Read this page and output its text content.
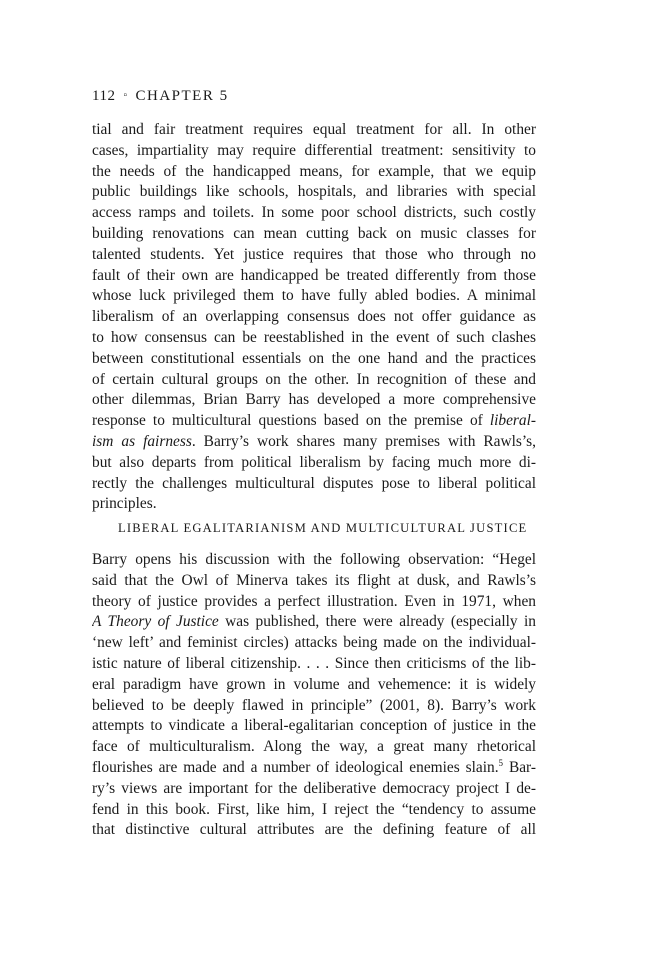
112 ▫ CHAPTER 5
tial and fair treatment requires equal treatment for all. In other
cases, impartiality may require differential treatment: sensitivity to
the needs of the handicapped means, for example, that we equip
public buildings like schools, hospitals, and libraries with special
access ramps and toilets. In some poor school districts, such costly
building renovations can mean cutting back on music classes for
talented students. Yet justice requires that those who through no
fault of their own are handicapped be treated differently from those
whose luck privileged them to have fully abled bodies. A minimal
liberalism of an overlapping consensus does not offer guidance as
to how consensus can be reestablished in the event of such clashes
between constitutional essentials on the one hand and the practices
of certain cultural groups on the other. In recognition of these and
other dilemmas, Brian Barry has developed a more comprehensive
response to multicultural questions based on the premise of liberal-
ism as fairness. Barry’s work shares many premises with Rawls’s,
but also departs from political liberalism by facing much more di-
rectly the challenges multicultural disputes pose to liberal political
principles.
LIBERAL EGALITARIANISM AND MULTICULTURAL JUSTICE
Barry opens his discussion with the following observation: “Hegel
said that the Owl of Minerva takes its flight at dusk, and Rawls’s
theory of justice provides a perfect illustration. Even in 1971, when
A Theory of Justice was published, there were already (especially in
‘new left’ and feminist circles) attacks being made on the individual-
istic nature of liberal citizenship. . . . Since then criticisms of the lib-
eral paradigm have grown in volume and vehemence: it is widely
believed to be deeply flawed in principle” (2001, 8). Barry’s work
attempts to vindicate a liberal-egalitarian conception of justice in the
face of multiculturalism. Along the way, a great many rhetorical
flourishes are made and a number of ideological enemies slain.$^5$ Bar-
ry’s views are important for the deliberative democracy project I de-
fend in this book. First, like him, I reject the “tendency to assume
that distinctive cultural attributes are the defining feature of all
